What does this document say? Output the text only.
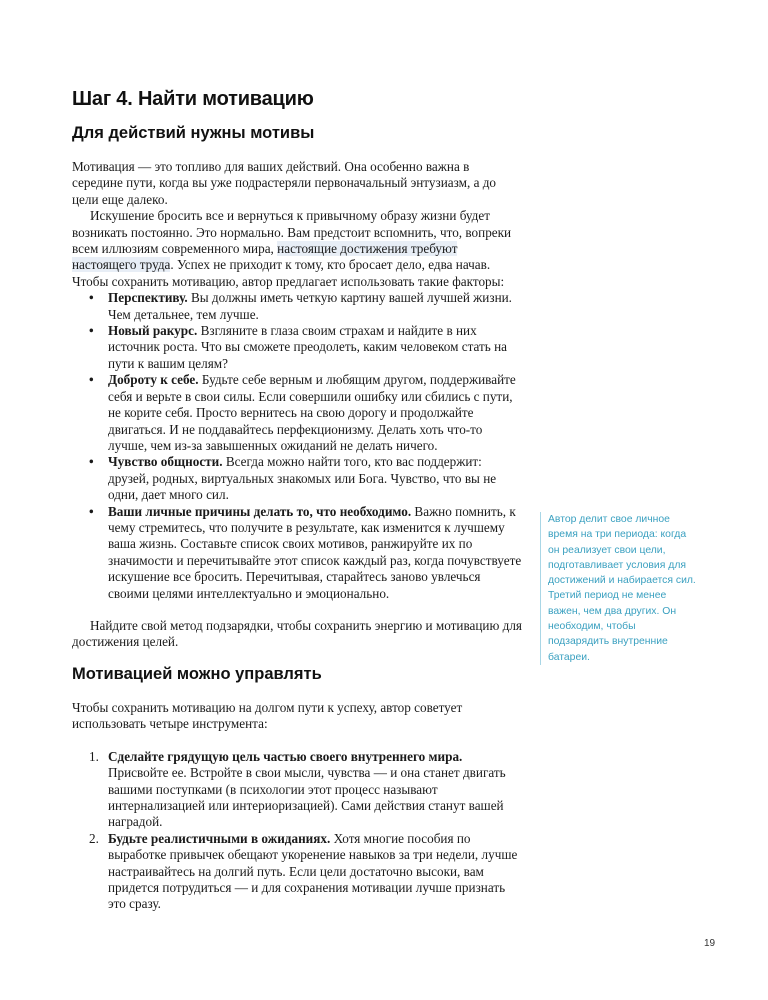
Шаг 4. Найти мотивацию
Для действий нужны мотивы

Мотивация — это топливо для ваших действий. Она особенно важна в середине пути, когда вы уже подрастеряли первоначальный энтузиазм, а до цели еще далеко.

Искушение бросить все и вернуться к привычному образу жизни будет возникать постоянно. Это нормально. Вам предстоит вспомнить, что, вопреки всем иллюзиям современного мира, настоящие достижения требуют настоящего труда. Успех не приходит к тому, кто бросает дело, едва начав. Чтобы сохранить мотивацию, автор предлагает использовать такие факторы:

• Перспективу. Вы должны иметь четкую картину вашей лучшей жизни. Чем детальнее, тем лучше.
• Новый ракурс. Взгляните в глаза своим страхам и найдите в них источник роста. Что вы сможете преодолеть, каким человеком стать на пути к вашим целям?
• Доброту к себе. Будьте себе верным и любящим другом, поддерживайте себя и верьте в свои силы. Если совершили ошибку или сбились с пути, не корите себя. Просто вернитесь на свою дорогу и продолжайте двигаться. И не поддавайтесь перфекционизму. Делать хоть что-то лучше, чем из-за завышенных ожиданий не делать ничего.
• Чувство общности. Всегда можно найти того, кто вас поддержит: друзей, родных, виртуальных знакомых или Бога. Чувство, что вы не одни, дает много сил.
• Ваши личные причины делать то, что необходимо. Важно помнить, к чему стремитесь, что получите в результате, как изменится к лучшему ваша жизнь. Составьте список своих мотивов, ранжируйте их по значимости и перечитывайте этот список каждый раз, когда почувствуете искушение все бросить. Перечитывая, старайтесь заново увлечься своими целями интеллектуально и эмоционально.

Найдите свой метод подзарядки, чтобы сохранить энергию и мотивацию для достижения целей.

Мотивацией можно управлять

Чтобы сохранить мотивацию на долгом пути к успеху, автор советует использовать четыре инструмента:

1. Сделайте грядущую цель частью своего внутреннего мира. Присвойте ее. Встройте в свои мысли, чувства — и она станет двигать вашими поступками (в психологии этот процесс называют интернализацией или интериоризацией). Сами действия станут вашей наградой.
2. Будьте реалистичными в ожиданиях. Хотя многие пособия по выработке привычек обещают укоренение навыков за три недели, лучше настраивайтесь на долгий путь. Если цели достаточно высоки, вам придется потрудиться — и для сохранения мотивации лучше признать это сразу.
Автор делит свое личное время на три периода: когда он реализует свои цели, подготавливает условия для достижений и набирается сил. Третий период не менее важен, чем два других. Он необходим, чтобы подзарядить внутренние батареи.
19
